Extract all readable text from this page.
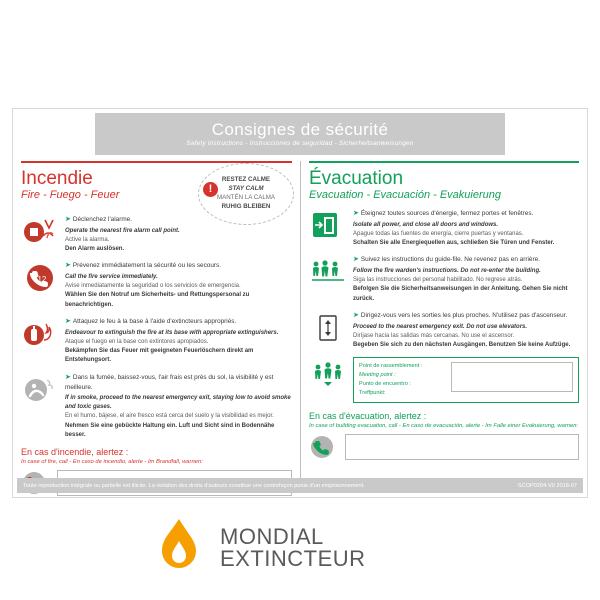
Consignes de sécurité
Safety instructions - Instrucciones de seguridad - Sicherheitsanweisungen
Incendie
Fire - Fuego - Feuer	!
RESTEZ CALME
STAY CALM
MANTÉN LA CALMA
RUHIG BLEIBEN
➤ Déclenchez l'alarme.
Operate the nearest fire alarm call point.
Active la alarma.
Den Alarm auslösen.
112
➤ Prévenez immédiatement la sécurité ou les secours.
Call the fire service immediately.
Avise inmediatamente la seguridad o los servicios de emergencia.
Wählen Sie den Notruf um Sicherheits- und Rettungspersonal zu benachrichtigen.
➤ Attaquez le feu à la base à l'aide d'extincteurs appropriés.
Endeavour to extinguish the fire at its base with appropriate extinguishers.
Ataque el fuego en la base con extintores apropiados.
Bekämpfen Sie das Feuer mit geeigneten Feuerlöschern direkt am Entstehungsort.
➤ Dans la fumée, baissez-vous, l'air frais est près du sol, la visibilité y est meilleure.
If in smoke, proceed to the nearest emergency exit, staying low to avoid smoke and toxic gases.
En el humo, bájese, el aire fresco está cerca del suelo y la visibilidad es mejor.
Nehmen Sie eine gebückte Haltung ein. Luft und Sicht sind in Bodennähe besser.
En cas d'incendie, alertez :
In case of fire, call - En caso de incendio, alerte - Im Brandfall, warnen:
Évacuation
Evacuation - Evacuación - Evakuierung
➤ Éteignez toutes sources d'énergie, fermez portes et fenêtres.
Isolate all power, and close all doors and windows.
Apague todas las fuentes de energía, cierre puertas y ventanas.
Schalten Sie alle Energiequellen aus, schließen Sie Türen und Fenster.
➤ Suivez les instructions du guide-file. Ne revenez pas en arrière.
Follow the fire warden's instructions. Do not re-enter the building.
Siga las instrucciones del personal habilitado. No regrese atrás.
Befolgen Sie die Sicherheitsanweisungen in der Anleitung. Gehen Sie nicht zurück.
➤ Dirigez-vous vers les sorties les plus proches. N'utilisez pas d'ascenseur.
Proceed to the nearest emergency exit. Do not use elevators.
Diríjase hacia las salidas más cercanas. No use el ascensor.
Begeben Sie sich zu den nächsten Ausgängen. Benutzen Sie keine Aufzüge.
Point de rassemblement :
Meeting point :
Punto de encuentro :
Treffpunkt:
En cas d'évacuation, alertez :
In case of building evacuation, call - En caso de evacuación, alerte - Im Falle einer Evakuierung, warnen:
Toute reproduction intégrale ou partielle est illicite. La violation des droits d'auteurs constitue une contrefaçon punie d'un emprisonnement.	SCOP0204-V0 2018-07
MONDIAL
EXTINCTEUR
